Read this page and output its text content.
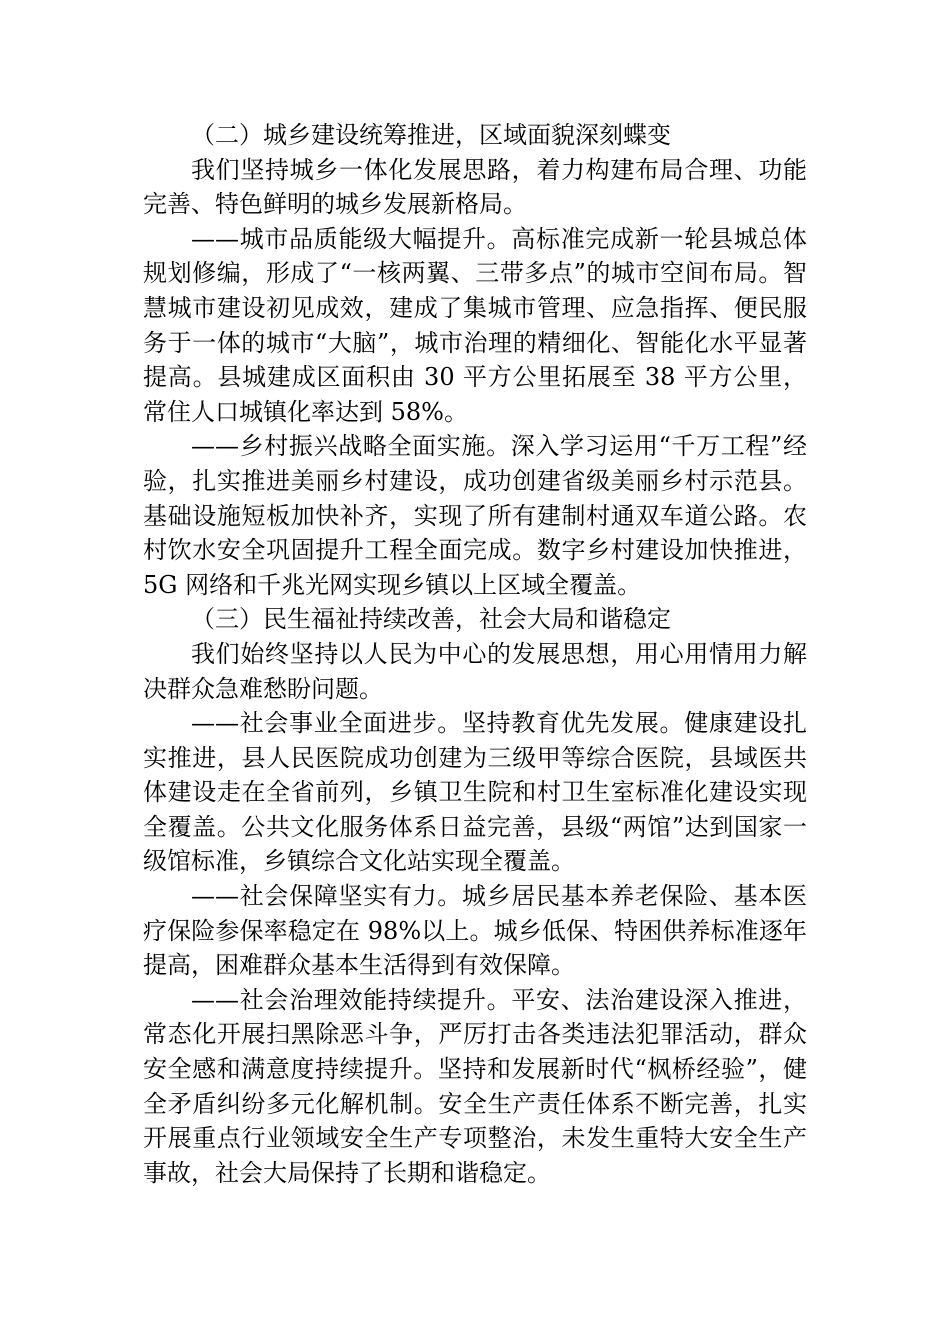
（二）城乡建设统筹推进，区域面貌深刻蝶变

我们坚持城乡一体化发展思路，着力构建布局合理、功能完善、特色鲜明的城乡发展新格局。

——城市品质能级大幅提升。高标准完成新一轮县城总体规划修编，形成了“一核两翼、三带多点”的城市空间布局。智慧城市建设初见成效，建成了集城市管理、应急指挥、便民服务于一体的城市“大脑”，城市治理的精细化、智能化水平显著提高。县城建成区面积由 30 平方公里拓展至 38 平方公里，常住人口城镇化率达到 58%。

——乡村振兴战略全面实施。深入学习运用“千万工程”经验，扎实推进美丽乡村建设，成功创建省级美丽乡村示范县。基础设施短板加快补齐，实现了所有建制村通双车道公路。农村饮水安全巩固提升工程全面完成。数字乡村建设加快推进，5G 网络和千兆光网实现乡镇以上区域全覆盖。

（三）民生福祉持续改善，社会大局和谐稳定

我们始终坚持以人民为中心的发展思想，用心用情用力解决群众急难愁盼问题。

——社会事业全面进步。坚持教育优先发展。健康建设扎实推进，县人民医院成功创建为三级甲等综合医院，县域医共体建设走在全省前列，乡镇卫生院和村卫生室标准化建设实现全覆盖。公共文化服务体系日益完善，县级“两馆”达到国家一级馆标准，乡镇综合文化站实现全覆盖。

——社会保障坚实有力。城乡居民基本养老保险、基本医疗保险参保率稳定在 98%以上。城乡低保、特困供养标准逐年提高，困难群众基本生活得到有效保障。

——社会治理效能持续提升。平安、法治建设深入推进，常态化开展扫黑除恶斗争，严厉打击各类违法犯罪活动，群众安全感和满意度持续提升。坚持和发展新时代“枫桥经验”，健全矛盾纠纷多元化解机制。安全生产责任体系不断完善，扎实开展重点行业领域安全生产专项整治，未发生重特大安全生产事故，社会大局保持了长期和谐稳定。
